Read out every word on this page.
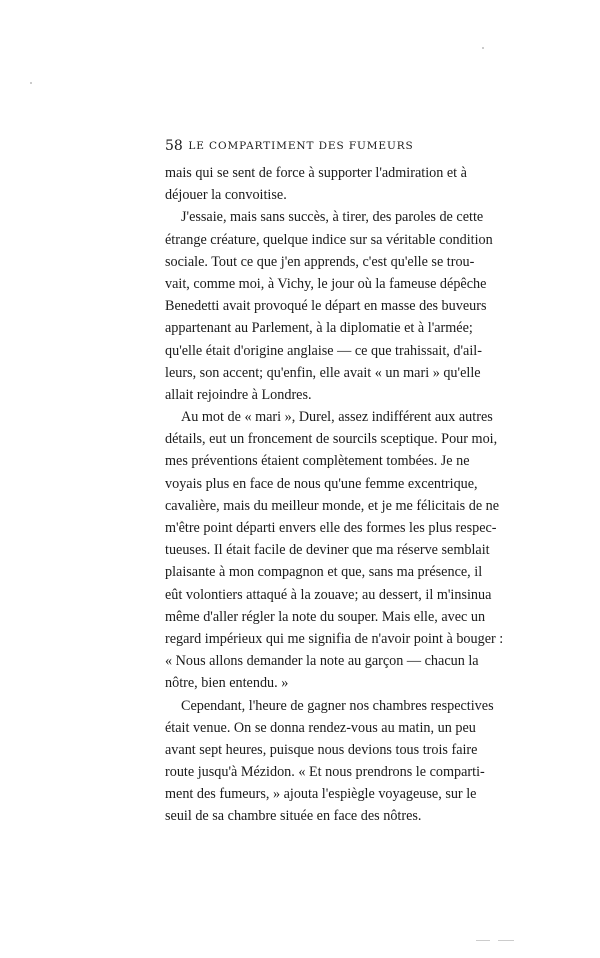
58 LE COMPARTIMENT DES FUMEURS
mais qui se sent de force à supporter l'admiration et à
déjouer la convoitise.
J'essaie, mais sans succès, à tirer, des paroles de cette
étrange créature, quelque indice sur sa véritable condition
sociale. Tout ce que j'en apprends, c'est qu'elle se trou-
vait, comme moi, à Vichy, le jour où la fameuse dépêche
Benedetti avait provoqué le départ en masse des buveurs
appartenant au Parlement, à la diplomatie et à l'armée;
qu'elle était d'origine anglaise — ce que trahissait, d'ail-
leurs, son accent; qu'enfin, elle avait « un mari » qu'elle
allait rejoindre à Londres.
Au mot de « mari », Durel, assez indifférent aux autres
détails, eut un froncement de sourcils sceptique. Pour moi,
mes préventions étaient complètement tombées. Je ne
voyais plus en face de nous qu'une femme excentrique,
cavalière, mais du meilleur monde, et je me félicitais de ne
m'être point départi envers elle des formes les plus respec-
tueuses. Il était facile de deviner que ma réserve semblait
plaisante à mon compagnon et que, sans ma présence, il
eût volontiers attaqué à la zouave; au dessert, il m'insinua
même d'aller régler la note du souper. Mais elle, avec un
regard impérieux qui me signifia de n'avoir point à bouger :
« Nous allons demander la note au garçon — chacun la
nôtre, bien entendu. »
Cependant, l'heure de gagner nos chambres respectives
était venue. On se donna rendez-vous au matin, un peu
avant sept heures, puisque nous devions tous trois faire
route jusqu'à Mézidon. « Et nous prendrons le comparti-
ment des fumeurs, » ajouta l'espiègle voyageuse, sur le
seuil de sa chambre située en face des nôtres.
